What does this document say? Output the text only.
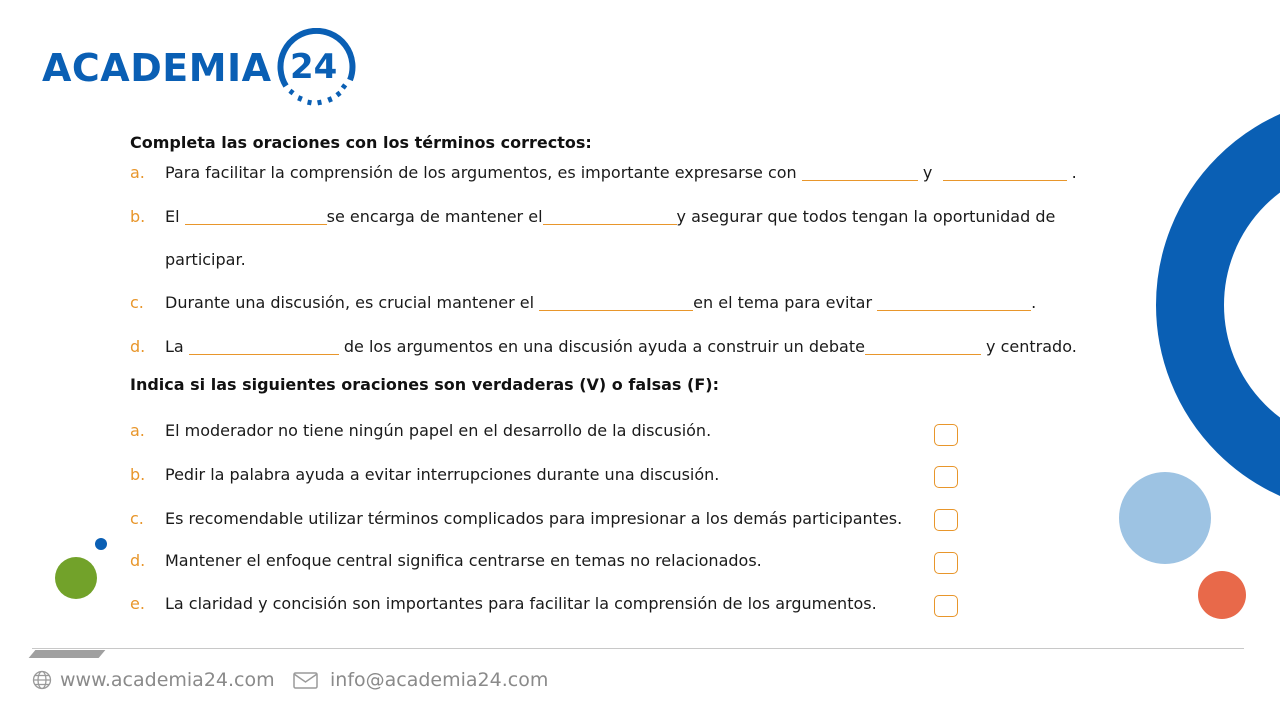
ACADEMIA 24
Completa las oraciones con los términos correctos:
a. Para facilitar la comprensión de los argumentos, es importante expresarse con	y	.
b. El	se encarga de mantener el	y asegurar que todos tengan la oportunidad de
participar.
c. Durante una discusión, es crucial mantener el	en el tema para evitar	.
d. La	de los argumentos en una discusión ayuda a construir un debate	y centrado.
Indica si las siguientes oraciones son verdaderas (V) o falsas (F):
a. El moderador no tiene ningún papel en el desarrollo de la discusión.
b. Pedir la palabra ayuda a evitar interrupciones durante una discusión.
c. Es recomendable utilizar términos complicados para impresionar a los demás participantes.
d. Mantener el enfoque central significa centrarse en temas no relacionados.
e. La claridad y concisión son importantes para facilitar la comprensión de los argumentos.
www.academia24.com	info@academia24.com
